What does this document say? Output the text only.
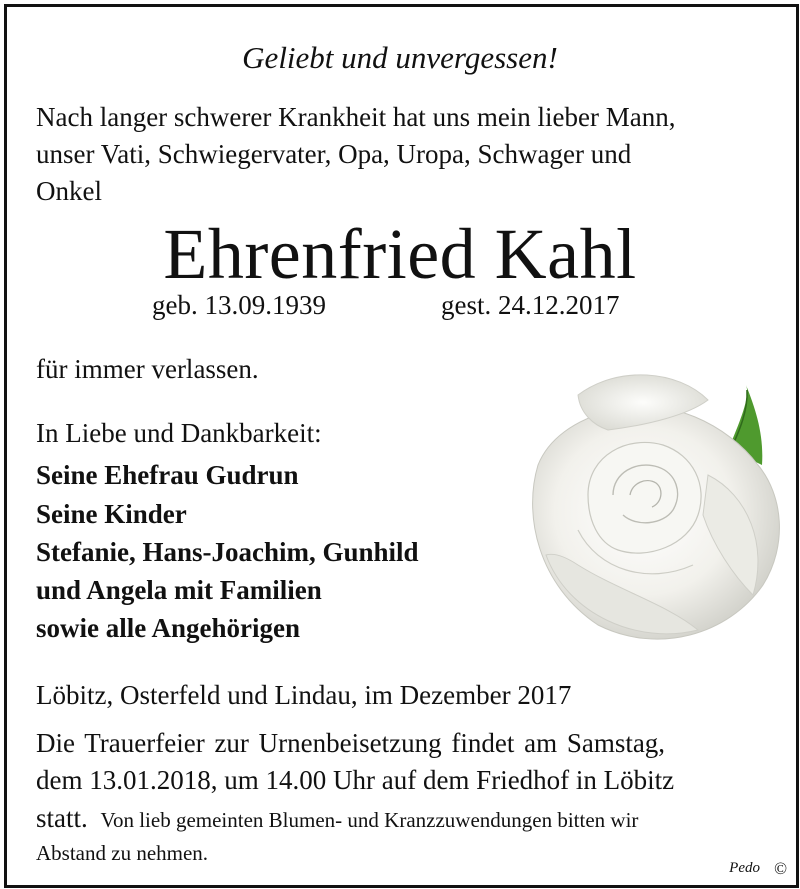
Geliebt und unvergessen!
Nach langer schwerer Krankheit hat uns mein lieber Mann,
unser Vati, Schwiegervater, Opa, Uropa, Schwager und
Onkel
Ehrenfried Kahl
geb. 13.09.1939	gest. 24.12.2017
für immer verlassen.
In Liebe und Dankbarkeit:
Seine Ehefrau Gudrun
Seine Kinder
Stefanie, Hans-Joachim, Gunhild
und Angela mit Familien
sowie alle Angehörigen
Löbitz, Osterfeld und Lindau, im Dezember 2017
Die Trauerfeier zur Urnenbeisetzung findet am Samstag,
dem 13.01.2018, um 14.00 Uhr auf dem Friedhof in Löbitz
statt. Von lieb gemeinten Blumen- und Kranzzuwendungen bitten wir
Abstand zu nehmen.
Pedo ©
